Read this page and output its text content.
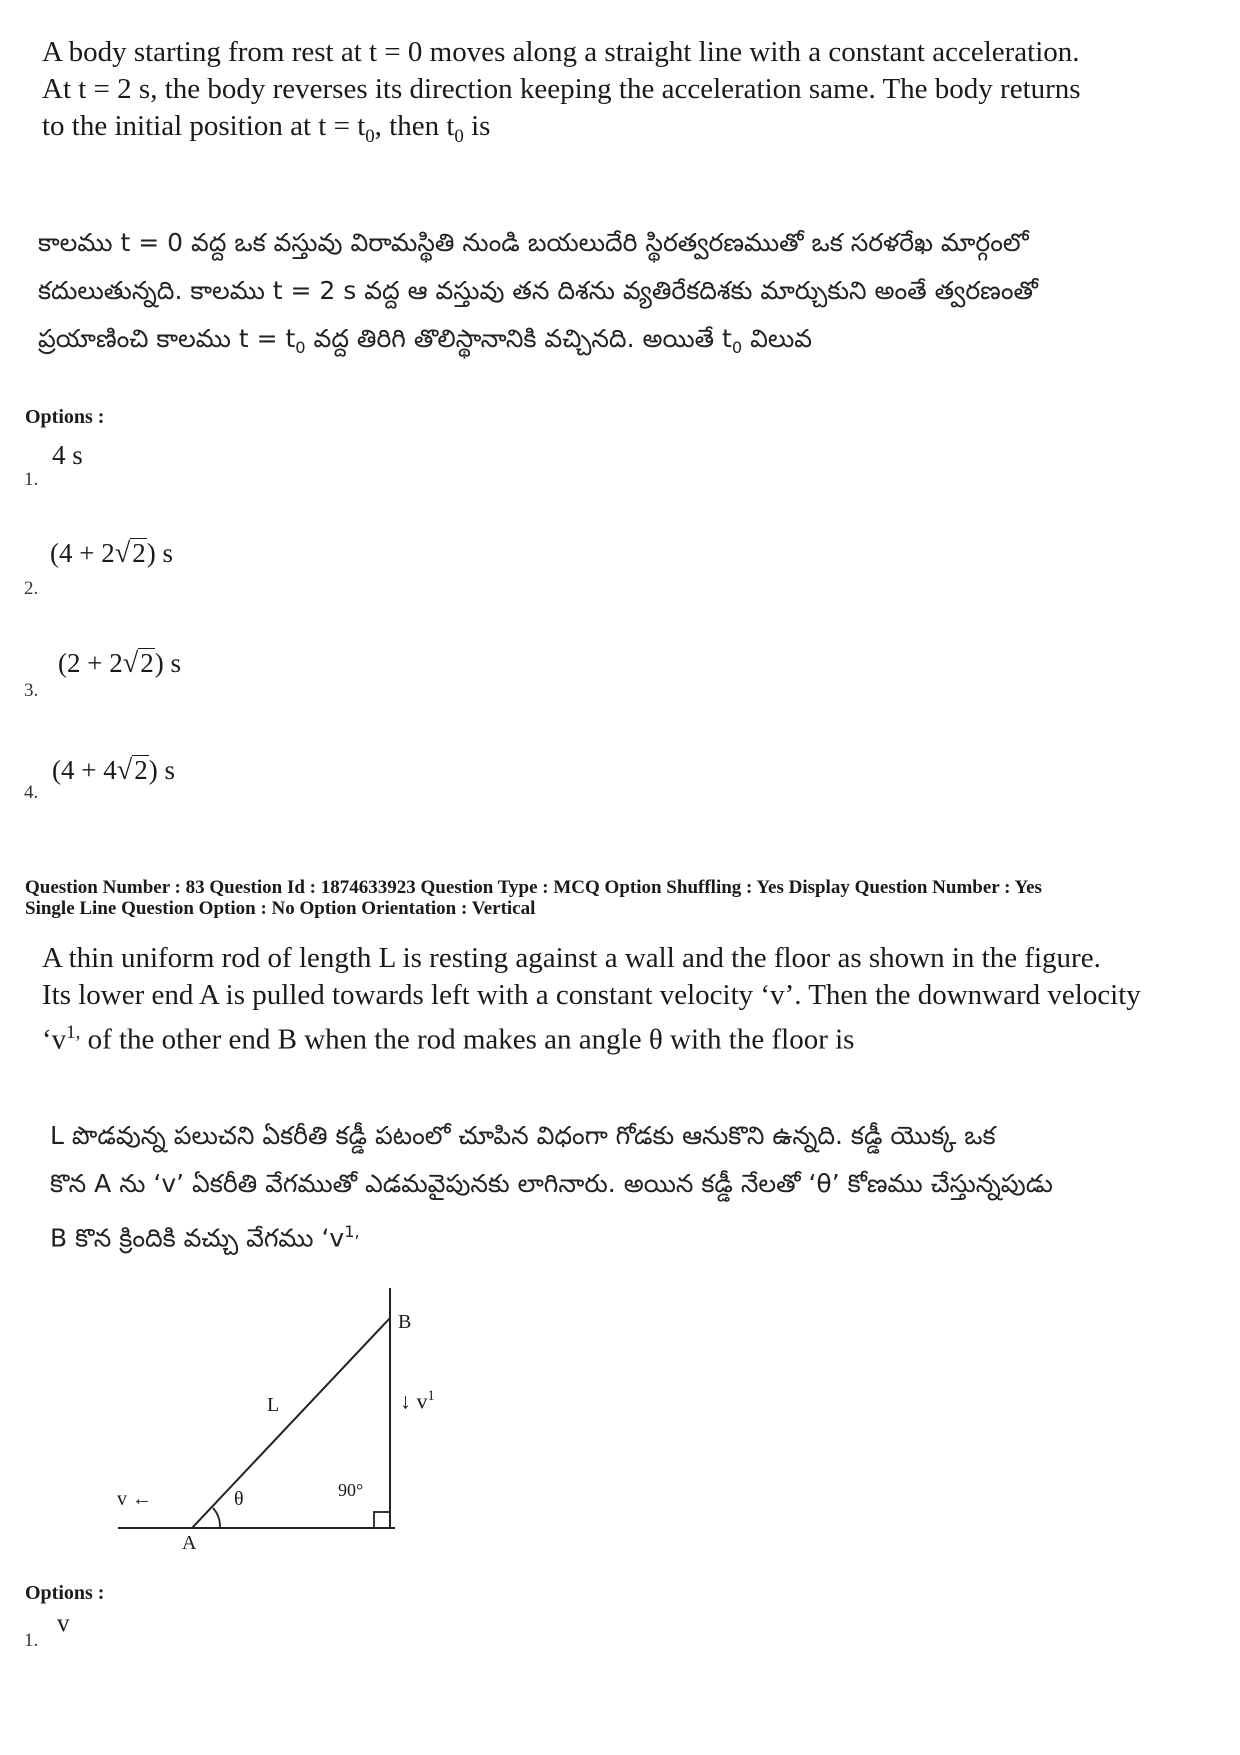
A body starting from rest at t = 0 moves along a straight line with a constant acceleration.
At t = 2 s, the body reverses its direction keeping the acceleration same. The body returns
to the initial position at $t = t_0$, then $t_0$ is
కాలము t = 0 వద్ద ఒక వస్తువు విరామస్థితి నుండి బయలుదేరి స్థిరత్వరణముతో ఒక సరళరేఖ మార్గంలో
కదులుతున్నది. కాలము t = 2 s వద్ద ఆ వస్తువు తన దిశను వ్యతిరేకదిశకు మార్చుకుని అంతే త్వరణంతో
ప్రయాణించి కాలము $t = t_0$ వద్ద తిరిగి తొలిస్థానానికి వచ్చినది. అయితే $t_0$ విలువ
Options :
4 s
1.
(4 + 2√2) s
2.
(2 + 2√2) s
3.
(4 + 4√2) s
4.
Question Number : 83 Question Id : 1874633923 Question Type : MCQ Option Shuffling : Yes Display Question Number : Yes
Single Line Question Option : No Option Orientation : Vertical
A thin uniform rod of length L is resting against a wall and the floor as shown in the figure.
Its lower end A is pulled towards left with a constant velocity ‘v’. Then the downward velocity
‘$v^{1,}$ of the other end B when the rod makes an angle θ with the floor is
L పొడవున్న పలుచని ఏకరీతి కడ్డీ పటంలో చూపిన విధంగా గోడకు ఆనుకొని ఉన్నది. కడ్డీ యొక్క ఒక
కొన A ను ‘v’ ఏకరీతి వేగముతో ఎడమవైపునకు లాగినారు. అయిన కడ్డీ నేలతో ‘θ’ కోణము చేస్తున్నపుడు
B కొన క్రిందికి వచ్చు వేగము ‘$v^{1,}$
B
L	↓ $v^1$
v ←	θ	90°
A
Options :
v
1.
